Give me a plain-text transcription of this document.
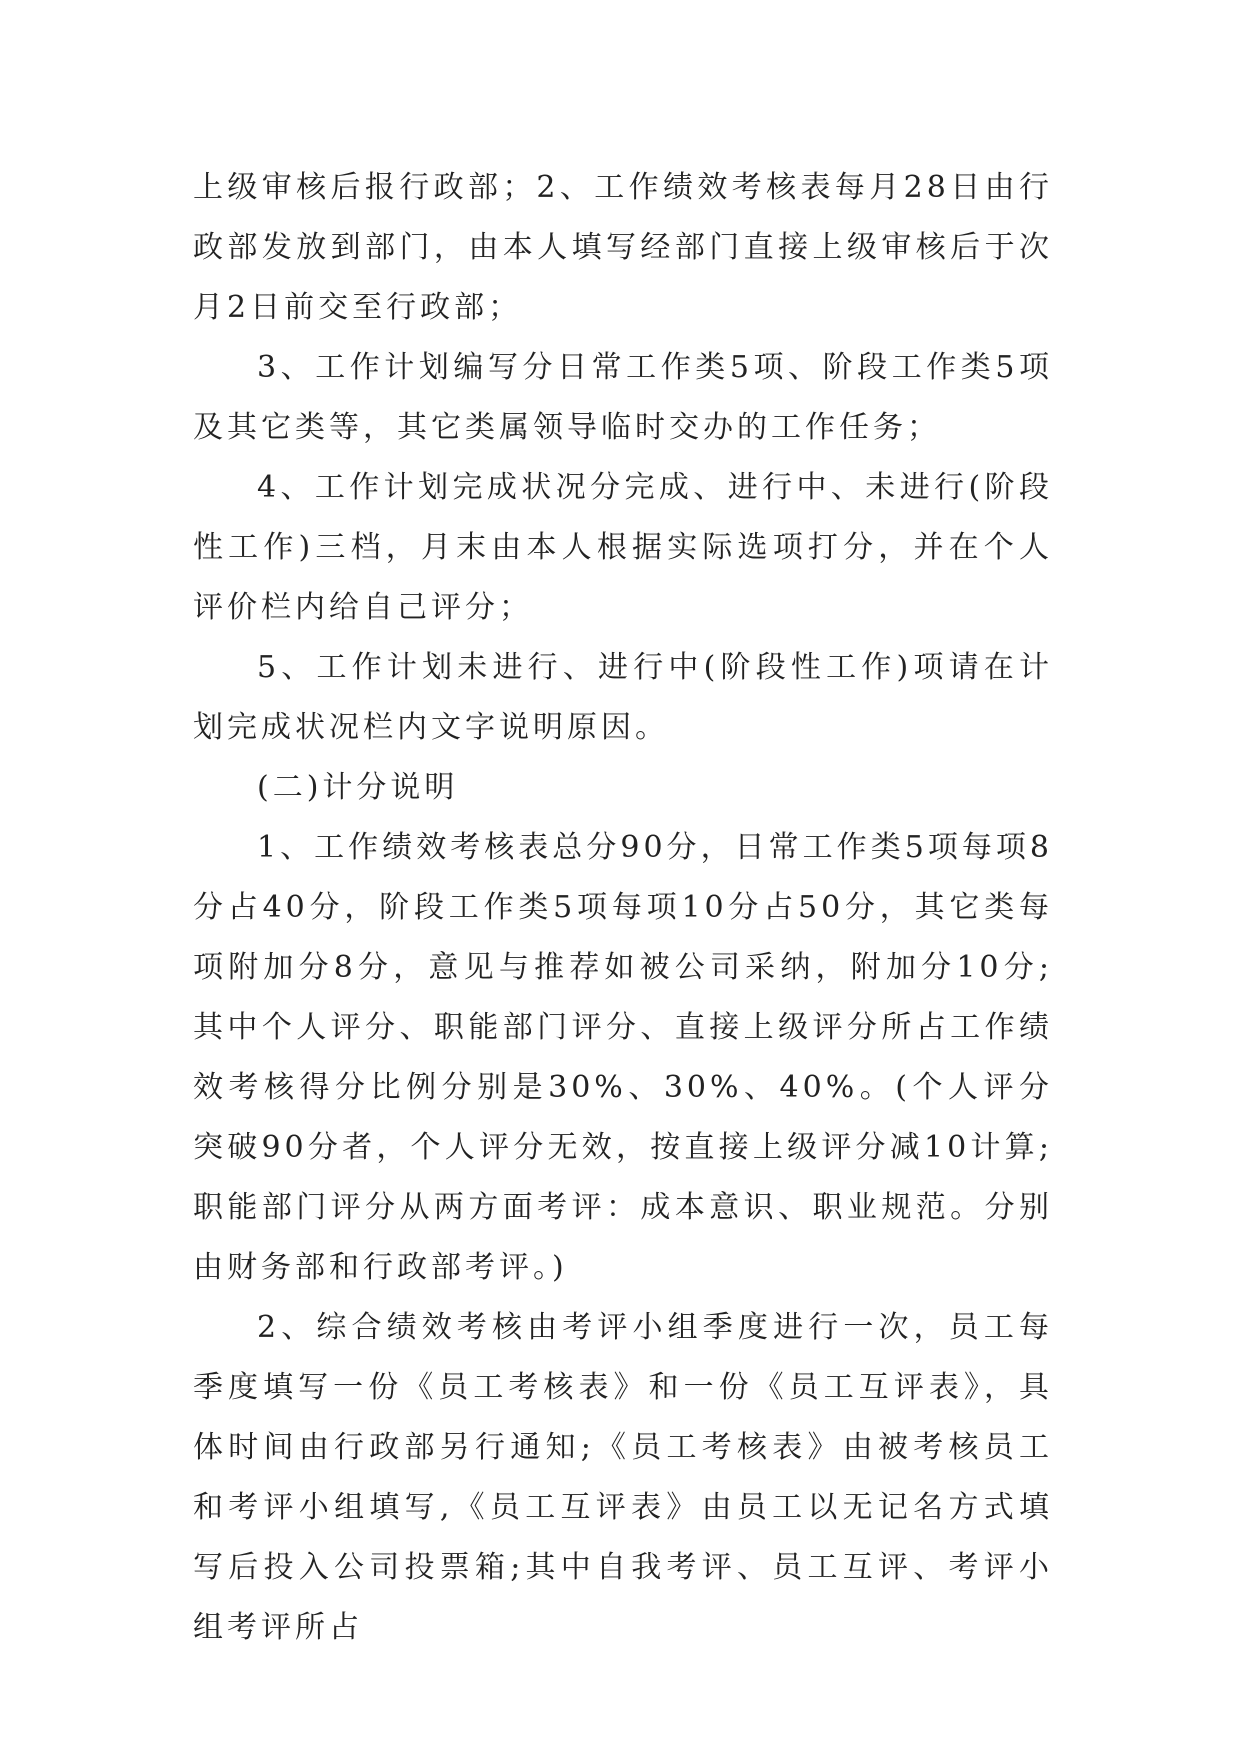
上级审核后报行政部；2、工作绩效考核表每月28日由行政部发放到部门，由本人填写经部门直接上级审核后于次月2日前交至行政部；

3、工作计划编写分日常工作类5项、阶段工作类5项及其它类等，其它类属领导临时交办的工作任务；

4、工作计划完成状况分完成、进行中、未进行(阶段性工作)三档，月末由本人根据实际选项打分，并在个人评价栏内给自己评分；

5、工作计划未进行、进行中(阶段性工作)项请在计划完成状况栏内文字说明原因。

(二)计分说明

1、工作绩效考核表总分90分，日常工作类5项每项8分占40分，阶段工作类5项每项10分占50分，其它类每项附加分8分，意见与推荐如被公司采纳，附加分10分;其中个人评分、职能部门评分、直接上级评分所占工作绩效考核得分比例分别是30%、30%、40%。(个人评分突破90分者，个人评分无效，按直接上级评分减10计算;职能部门评分从两方面考评：成本意识、职业规范。分别由财务部和行政部考评。)

2、综合绩效考核由考评小组季度进行一次，员工每季度填写一份《员工考核表》和一份《员工互评表》，具体时间由行政部另行通知;《员工考核表》由被考核员工和考评小组填写,《员工互评表》由员工以无记名方式填写后投入公司投票箱;其中自我考评、员工互评、考评小组考评所占
